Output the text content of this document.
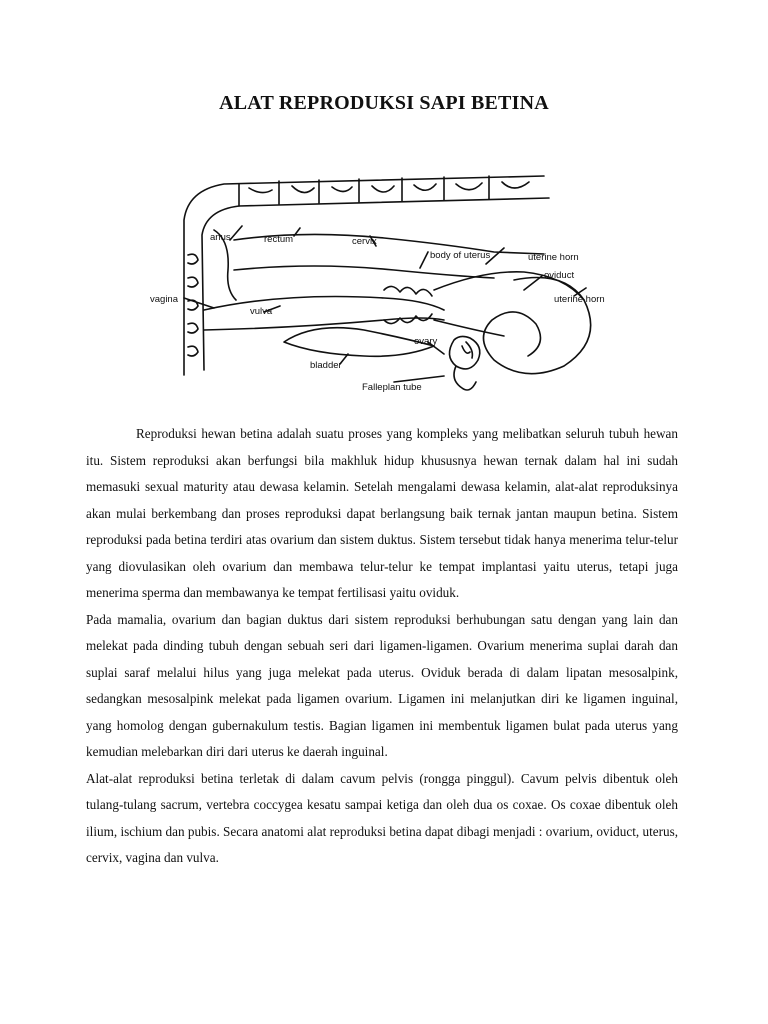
ALAT REPRODUKSI SAPI BETINA
anus	rectum	cervix
body of uterus	uterine horn
oviduct
uterine horn
vulva
vagina
ovary
bladder
Falleplan tube

Reproduksi hewan betina adalah suatu proses yang kompleks yang melibatkan seluruh tubuh hewan itu. Sistem reproduksi akan berfungsi bila makhluk hidup khususnya hewan ternak dalam hal ini sudah memasuki sexual maturity atau dewasa kelamin. Setelah mengalami dewasa kelamin, alat-alat reproduksinya akan mulai berkembang dan proses reproduksi dapat berlangsung baik ternak jantan maupun betina. Sistem reproduksi pada betina terdiri atas ovarium dan sistem duktus. Sistem tersebut tidak hanya menerima telur-telur yang diovulasikan oleh ovarium dan membawa telur-telur ke tempat implantasi yaitu uterus, tetapi juga menerima sperma dan membawanya ke tempat fertilisasi yaitu oviduk.

Pada mamalia, ovarium dan bagian duktus dari sistem reproduksi berhubungan satu dengan yang lain dan melekat pada dinding tubuh dengan sebuah seri dari ligamen-ligamen. Ovarium menerima suplai darah dan suplai saraf melalui hilus yang juga melekat pada uterus. Oviduk berada di dalam lipatan mesosalpink, sedangkan mesosalpink melekat pada ligamen ovarium. Ligamen ini melanjutkan diri ke ligamen inguinal, yang homolog dengan gubernakulum testis. Bagian ligamen ini membentuk ligamen bulat pada uterus yang kemudian melebarkan diri dari uterus ke daerah inguinal.

Alat-alat reproduksi betina terletak di dalam cavum pelvis (rongga pinggul). Cavum pelvis dibentuk oleh tulang-tulang sacrum, vertebra coccygea kesatu sampai ketiga dan oleh dua os coxae. Os coxae dibentuk oleh ilium, ischium dan pubis. Secara anatomi alat reproduksi betina dapat dibagi menjadi : ovarium, oviduct, uterus, cervix, vagina dan vulva.
